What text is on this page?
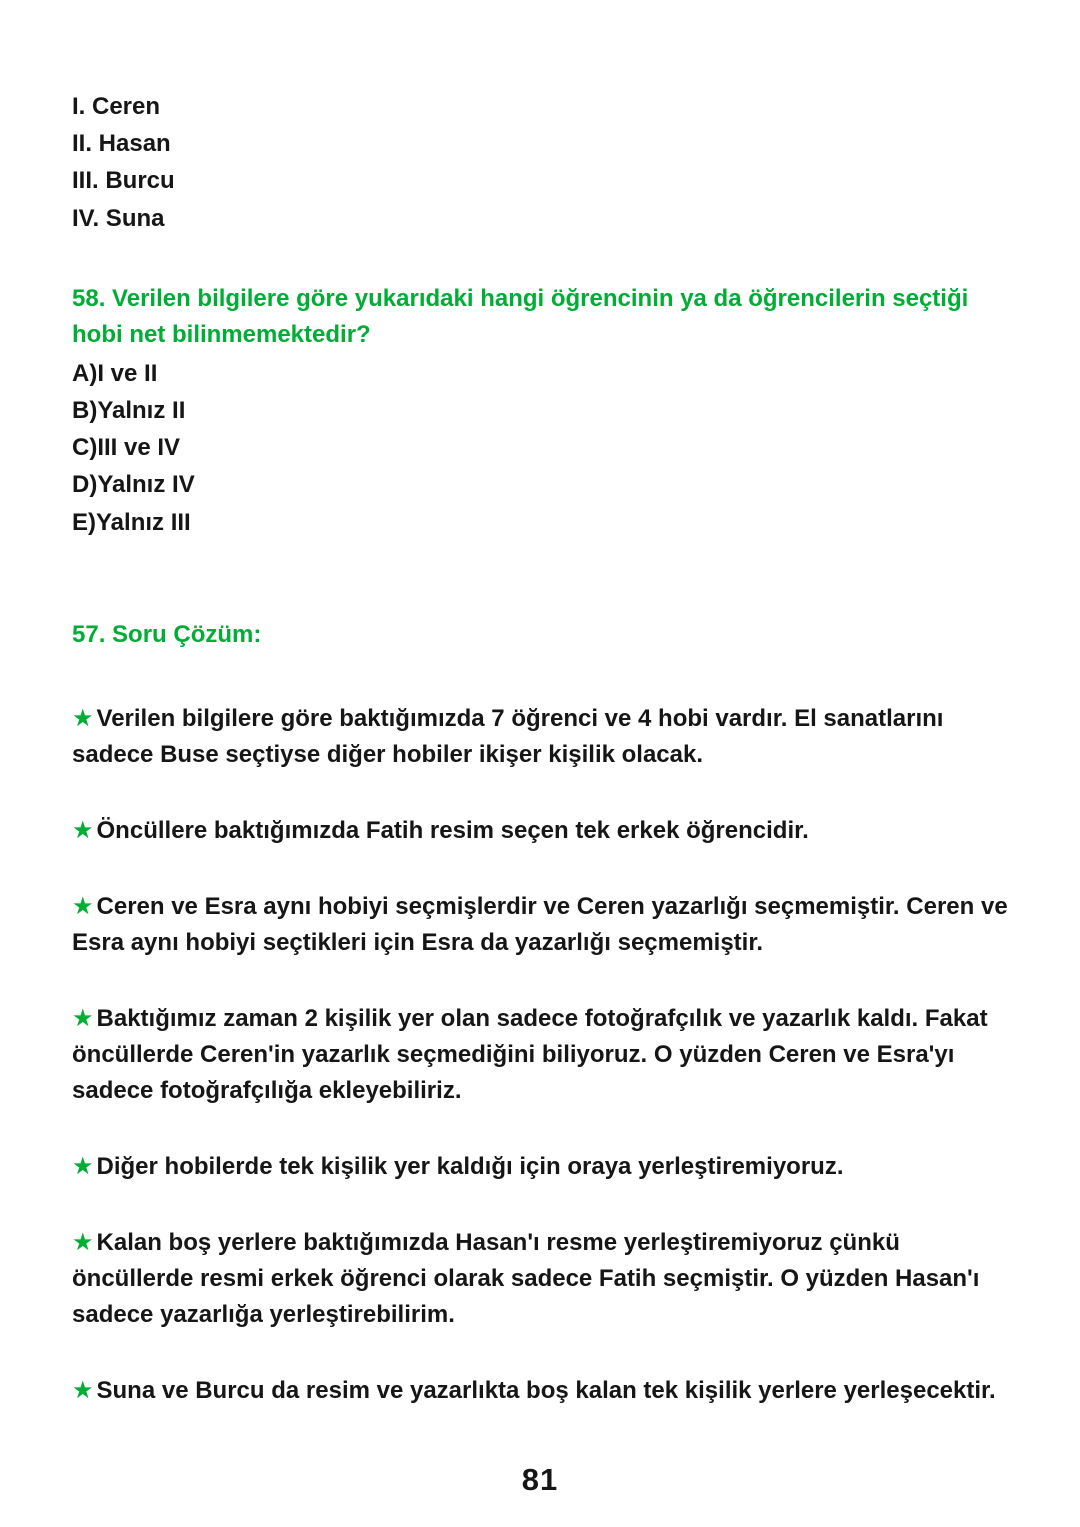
I. Ceren
II. Hasan
III. Burcu
IV. Suna

58. Verilen bilgilere göre yukarıdaki hangi öğrencinin ya da öğrencilerin seçtiği hobi net bilinmemektedir?

A)I ve II
B)Yalnız II
C)III ve IV
D)Yalnız IV
E)Yalnız III

57. Soru Çözüm:

★ Verilen bilgilere göre baktığımızda 7 öğrenci ve 4 hobi vardır. El sanatlarını sadece Buse seçtiyse diğer hobiler ikişer kişilik olacak.

★ Öncüllere baktığımızda Fatih resim seçen tek erkek öğrencidir.

★ Ceren ve Esra aynı hobiyi seçmişlerdir ve Ceren yazarlığı seçmemiştir. Ceren ve Esra aynı hobiyi seçtikleri için Esra da yazarlığı seçmemiştir.

★ Baktığımız zaman 2 kişilik yer olan sadece fotoğrafçılık ve yazarlık kaldı. Fakat öncüllerde Ceren'in yazarlık seçmediğini biliyoruz. O yüzden Ceren ve Esra'yı sadece fotoğrafçılığa ekleyebiliriz.

★ Diğer hobilerde tek kişilik yer kaldığı için oraya yerleştiremiyoruz.

★ Kalan boş yerlere baktığımızda Hasan'ı resme yerleştiremiyoruz çünkü öncüllerde resmi erkek öğrenci olarak sadece Fatih seçmiştir. O yüzden Hasan'ı sadece yazarlığa yerleştirebilirim.

★ Suna ve Burcu da resim ve yazarlıkta boş kalan tek kişilik yerlere yerleşecektir.

81
